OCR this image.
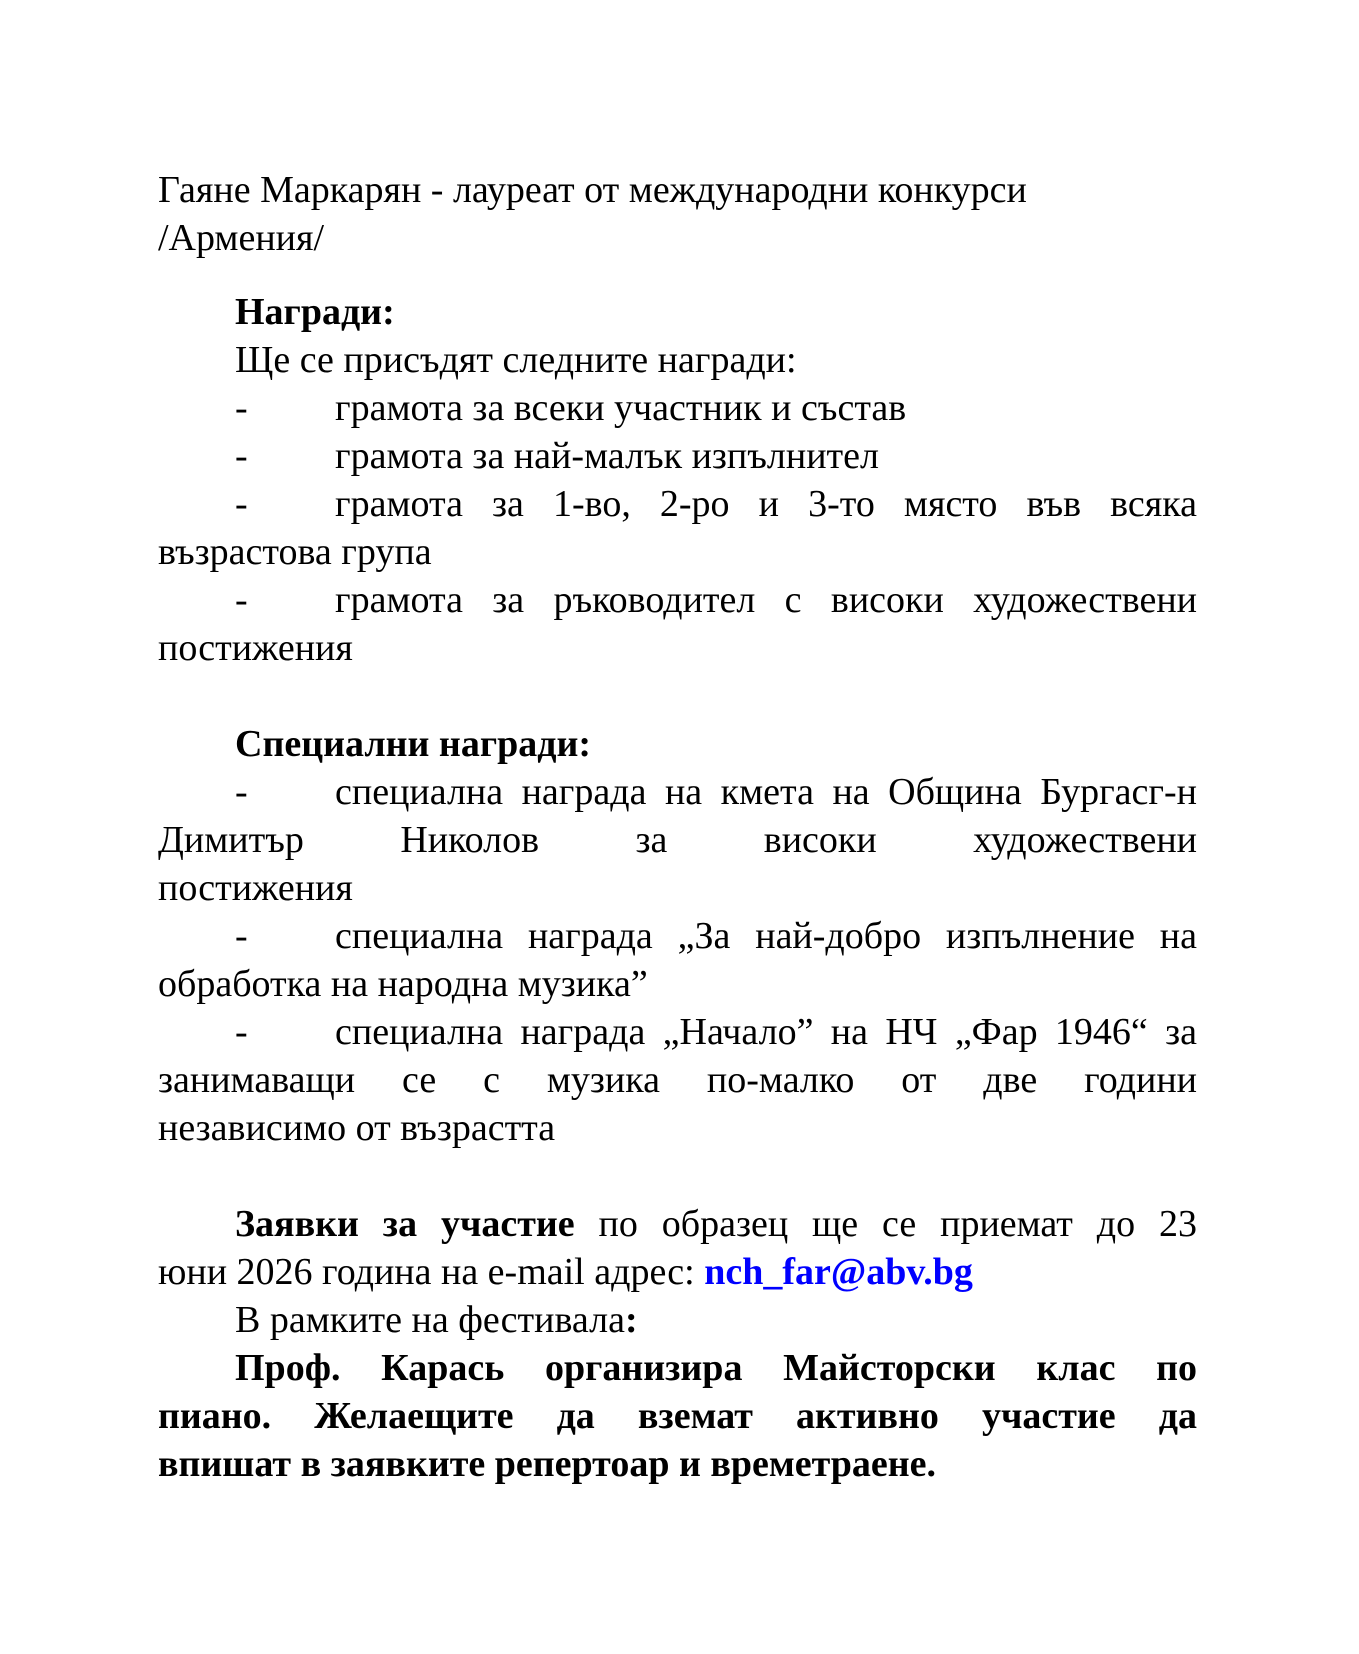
Гаяне Маркарян - лауреат от международни конкурси
/Армения/
Награди:
Ще се присъдят следните награди:
-	грамота за всеки участник и състав
-	грамота за най-малък изпълнител
-	грамота за 1-во, 2-ро и 3-то място във всяка
възрастова група
-	грамота за ръководител с високи художествени
постижения
Специални награди:
-	специална награда на кмета на Община Бургасг-н
Димитър Николов за високи художествени
постижения
-	специална награда „За най-добро изпълнение на
обработка на народна музика”
-	специална награда „Начало” на НЧ „Фар 1946“ за
занимаващи се с музика по-малко от две години
независимо от възрастта
Заявки за участие по образец ще се приемат до 23
юни 2026 година на e-mail адрес: nch_far@abv.bg
В рамките на фестивала:
Проф. Карась организира Майсторски клас по
пиано. Желаещите да вземат активно участие да
впишат в заявките репертоар и времетраене.
